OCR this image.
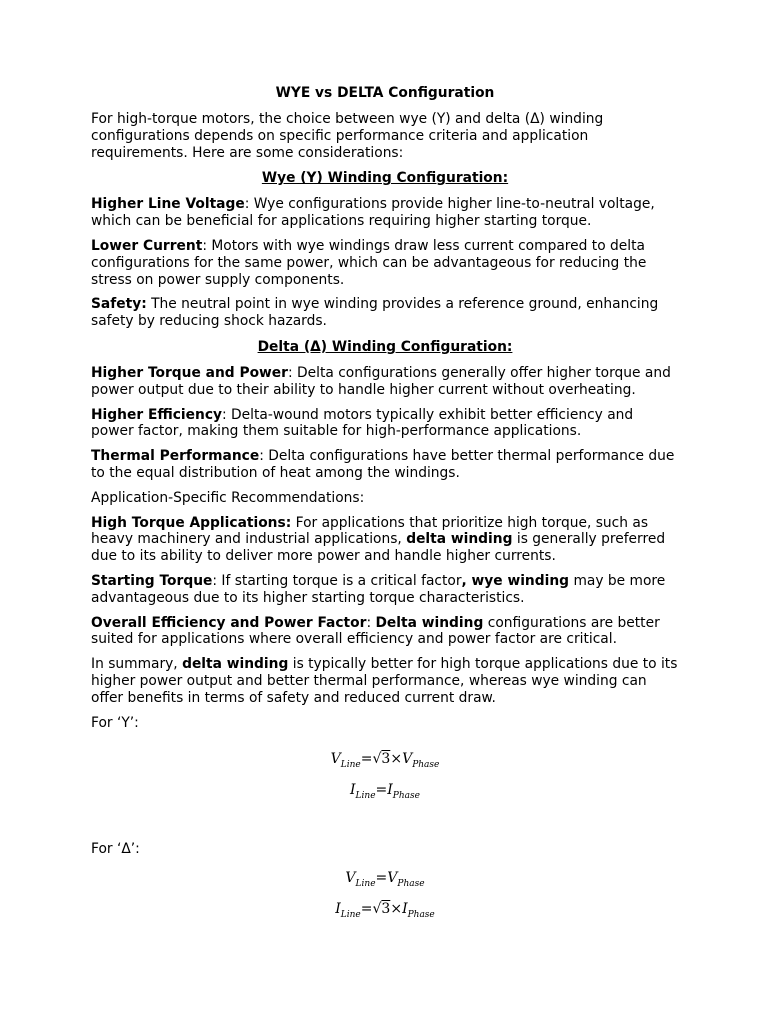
WYE vs DELTA Configuration

For high-torque motors, the choice between wye (Y) and delta (Δ) winding configurations depends on specific performance criteria and application requirements. Here are some considerations:

Wye (Y) Winding Configuration:

Higher Line Voltage: Wye configurations provide higher line-to-neutral voltage, which can be beneficial for applications requiring higher starting torque.

Lower Current: Motors with wye windings draw less current compared to delta configurations for the same power, which can be advantageous for reducing the stress on power supply components.

Safety: The neutral point in wye winding provides a reference ground, enhancing safety by reducing shock hazards.

Delta (Δ) Winding Configuration:

Higher Torque and Power: Delta configurations generally offer higher torque and power output due to their ability to handle higher current without overheating.

Higher Efficiency: Delta-wound motors typically exhibit better efficiency and power factor, making them suitable for high-performance applications.

Thermal Performance: Delta configurations have better thermal performance due to the equal distribution of heat among the windings.

Application-Specific Recommendations:

High Torque Applications: For applications that prioritize high torque, such as heavy machinery and industrial applications, delta winding is generally preferred due to its ability to deliver more power and handle higher currents.

Starting Torque: If starting torque is a critical factor, wye winding may be more advantageous due to its higher starting torque characteristics.

Overall Efficiency and Power Factor: Delta winding configurations are better suited for applications where overall efficiency and power factor are critical.

In summary, delta winding is typically better for high torque applications due to its higher power output and better thermal performance, whereas wye winding can offer benefits in terms of safety and reduced current draw.

For ‘Y’:

$V_{Line}=√3\times V_{Phase}$
$I_{Line}=I_{Phase}$

For ‘Δ’:

$V_{Line}=V_{Phase}$
$I_{Line}=√3\times I_{Phase}$
